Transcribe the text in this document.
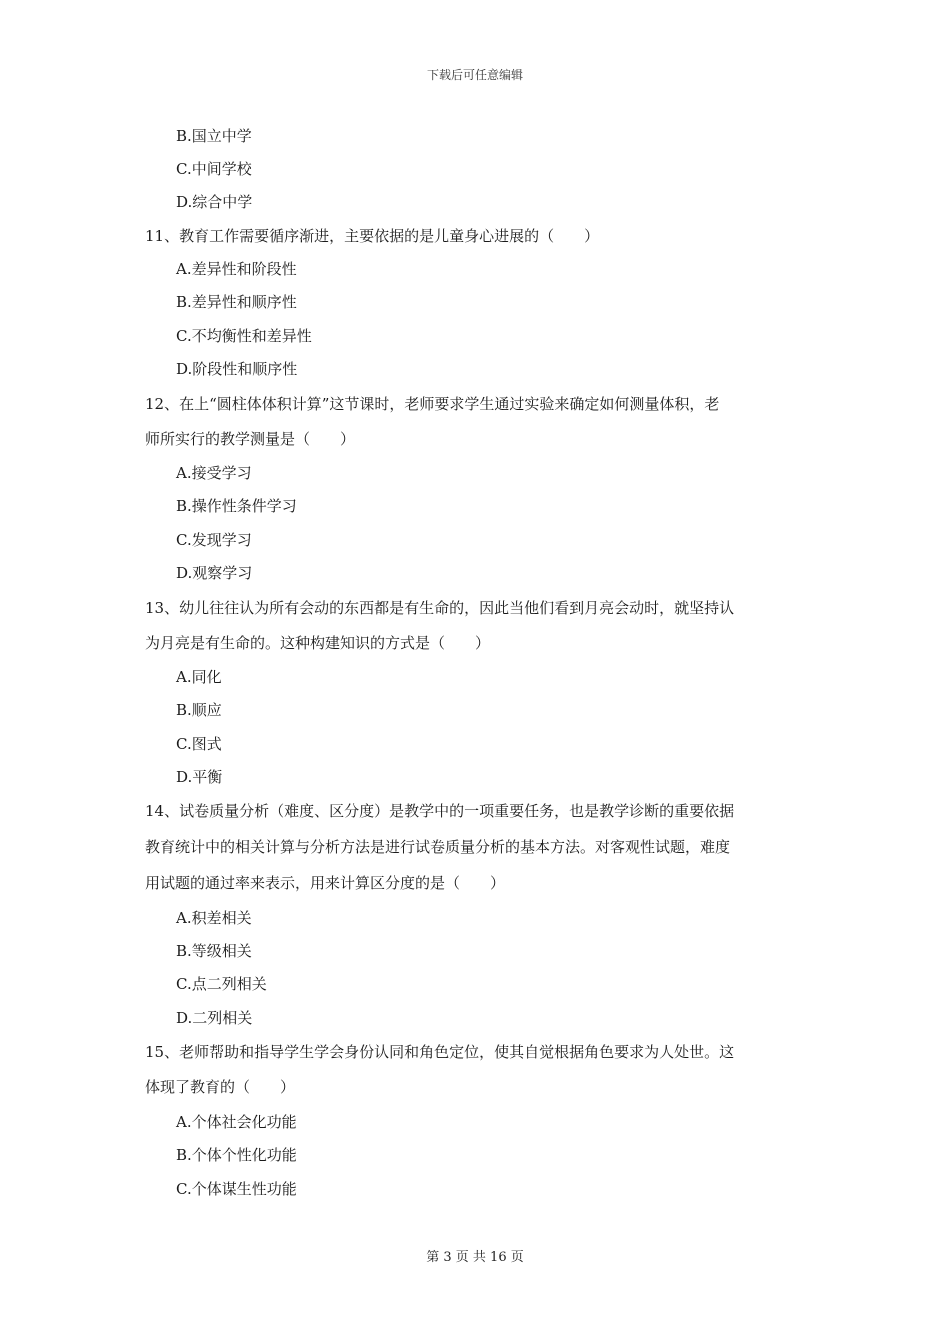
下载后可任意编辑
B.国立中学
C.中间学校
D.综合中学
11、教育工作需要循序渐进，主要依据的是儿童身心进展的（　　）
A.差异性和阶段性
B.差异性和顺序性
C.不均衡性和差异性
D.阶段性和顺序性
12、在上“圆柱体体积计算”这节课时，老师要求学生通过实验来确定如何测量体积，老
师所实行的教学测量是（　　）
A.接受学习
B.操作性条件学习
C.发现学习
D.观察学习
13、幼儿往往认为所有会动的东西都是有生命的，因此当他们看到月亮会动时，就坚持认
为月亮是有生命的。这种构建知识的方式是（　　）
A.同化
B.顺应
C.图式
D.平衡
14、试卷质量分析（难度、区分度）是教学中的一项重要任务，也是教学诊断的重要依据
教育统计中的相关计算与分析方法是进行试卷质量分析的基本方法。对客观性试题，难度
用试题的通过率来表示，用来计算区分度的是（　　）
A.积差相关
B.等级相关
C.点二列相关
D.二列相关
15、老师帮助和指导学生学会身份认同和角色定位，使其自觉根据角色要求为人处世。这
体现了教育的（　　）
A.个体社会化功能
B.个体个性化功能
C.个体谋生性功能
第 3 页 共 16 页
